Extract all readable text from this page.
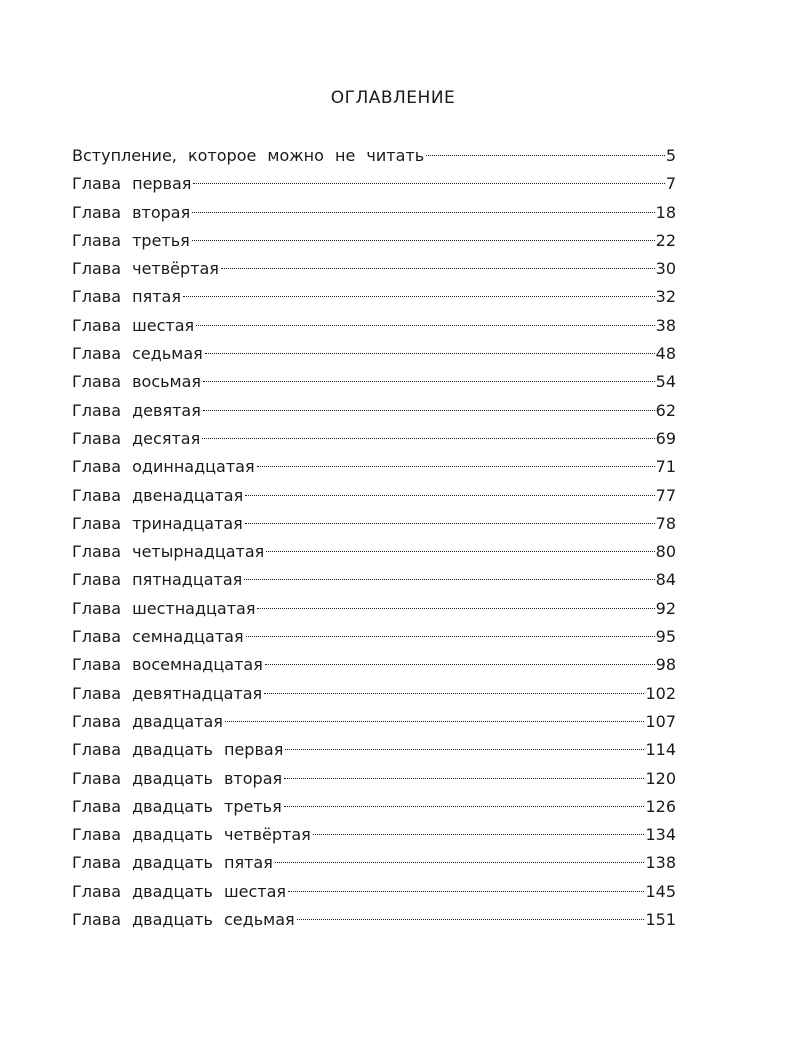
ОГЛАВЛЕНИЕ
Вступление, которое можно не читать	5
Глава первая	7
Глава вторая	18
Глава третья	22
Глава четвёртая	30
Глава пятая	32
Глава шестая	38
Глава седьмая	48
Глава восьмая	54
Глава девятая	62
Глава десятая	69
Глава одиннадцатая	71
Глава двенадцатая	77
Глава тринадцатая	78
Глава четырнадцатая	80
Глава пятнадцатая	84
Глава шестнадцатая	92
Глава семнадцатая	95
Глава восемнадцатая	98
Глава девятнадцатая	102
Глава двадцатая	107
Глава двадцать первая	114
Глава двадцать вторая	120
Глава двадцать третья	126
Глава двадцать четвёртая	134
Глава двадцать пятая	138
Глава двадцать шестая	145
Глава двадцать седьмая	151
